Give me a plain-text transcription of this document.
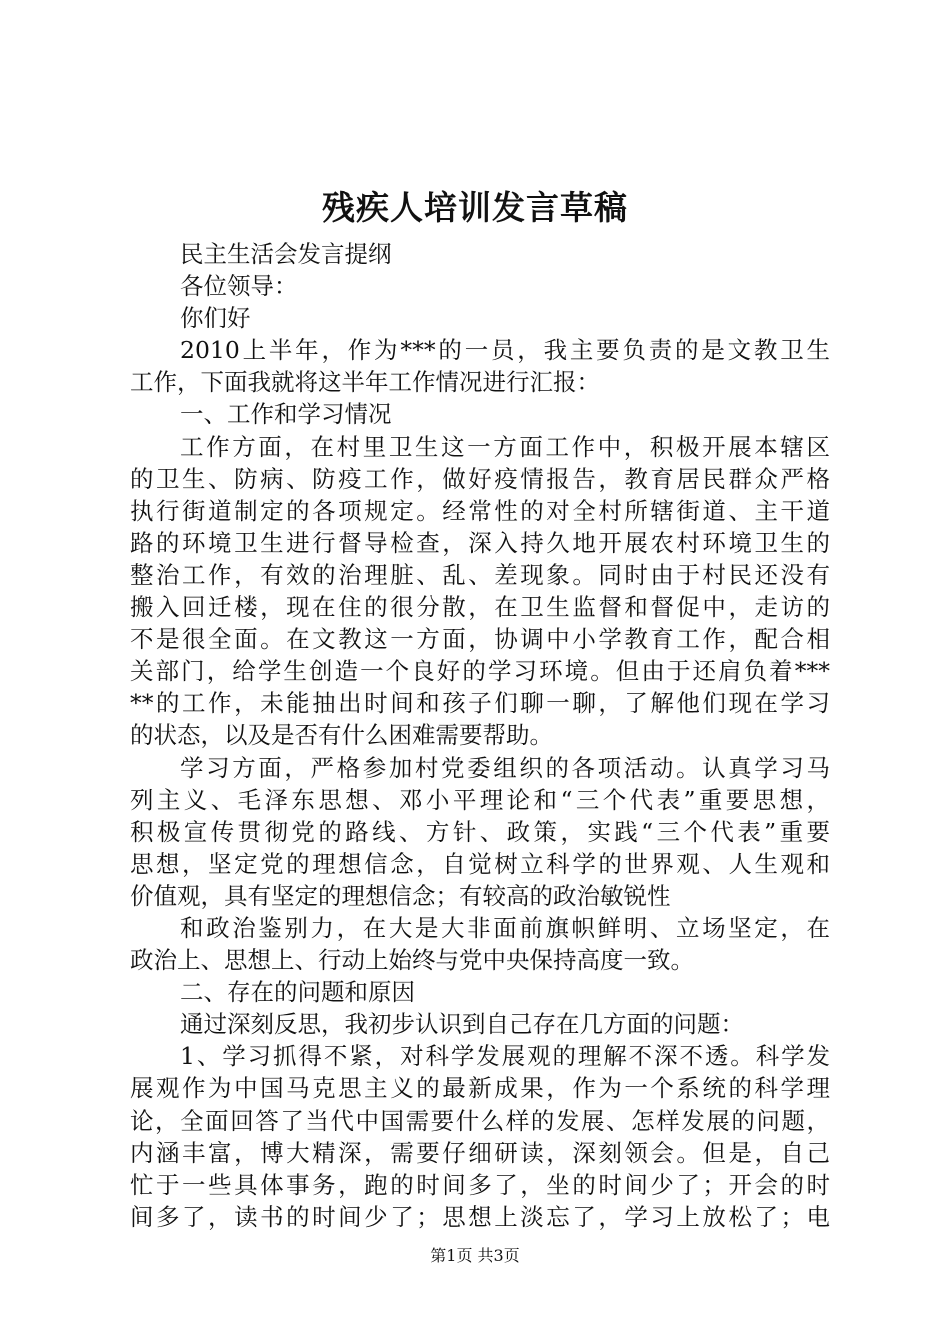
残疾人培训发言草稿
民主生活会发言提纲
各位领导：
你们好
2010上半年，作为***的一员，我主要负责的是文教卫生
工作，下面我就将这半年工作情况进行汇报：
一、工作和学习情况
工作方面，在村里卫生这一方面工作中，积极开展本辖区
的卫生、防病、防疫工作，做好疫情报告，教育居民群众严格
执行街道制定的各项规定。经常性的对全村所辖街道、主干道
路的环境卫生进行督导检查，深入持久地开展农村环境卫生的
整治工作，有效的治理脏、乱、差现象。同时由于村民还没有
搬入回迁楼，现在住的很分散，在卫生监督和督促中，走访的
不是很全面。在文教这一方面，协调中小学教育工作，配合相
关部门，给学生创造一个良好的学习环境。但由于还肩负着***
**的工作，未能抽出时间和孩子们聊一聊，了解他们现在学习
的状态，以及是否有什么困难需要帮助。
学习方面，严格参加村党委组织的各项活动。认真学习马
列主义、毛泽东思想、邓小平理论和“三个代表”重要思想，
积极宣传贯彻党的路线、方针、政策，实践“三个代表”重要
思想，坚定党的理想信念，自觉树立科学的世界观、人生观和
价值观，具有坚定的理想信念；有较高的政治敏锐性
和政治鉴别力，在大是大非面前旗帜鲜明、立场坚定，在
政治上、思想上、行动上始终与党中央保持高度一致。
二、存在的问题和原因
通过深刻反思，我初步认识到自己存在几方面的问题：
1、学习抓得不紧，对科学发展观的理解不深不透。科学发
展观作为中国马克思主义的最新成果，作为一个系统的科学理
论，全面回答了当代中国需要什么样的发展、怎样发展的问题，
内涵丰富，博大精深，需要仔细研读，深刻领会。但是，自己
忙于一些具体事务，跑的时间多了，坐的时间少了；开会的时
间多了，读书的时间少了；思想上淡忘了，学习上放松了；电
第1页 共3页
